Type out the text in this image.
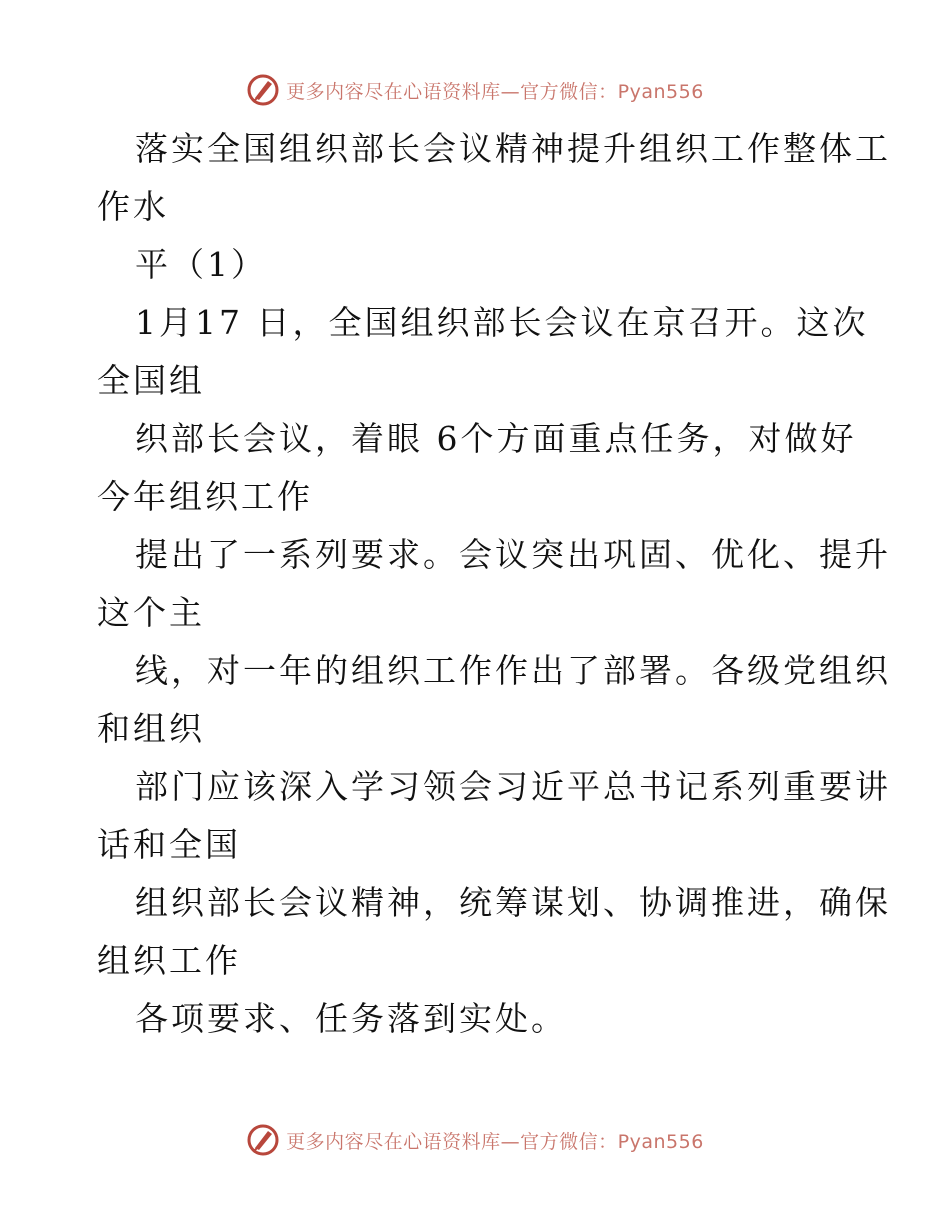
更多内容尽在心语资料库—官方微信：Pyan556
落实全国组织部长会议精神提升组织工作整体工
作水
平（1）
1月17 日，全国组织部长会议在京召开。这次
全国组
织部长会议，着眼 6个方面重点任务，对做好
今年组织工作
提出了一系列要求。会议突出巩固、优化、提升
这个主
线，对一年的组织工作作出了部署。各级党组织
和组织
部门应该深入学习领会习近平总书记系列重要讲
话和全国
组织部长会议精神，统筹谋划、协调推进，确保
组织工作
各项要求、任务落到实处。
更多内容尽在心语资料库—官方微信：Pyan556
